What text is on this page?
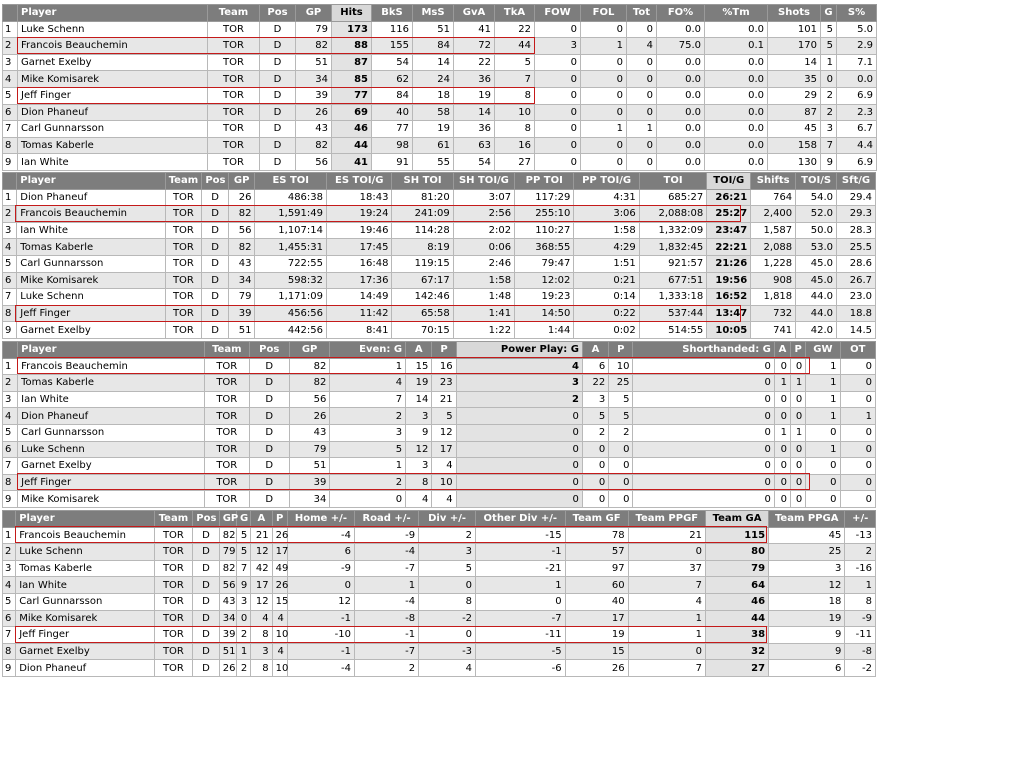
	Player	Team	Pos	GP	Hits	BkS	MsS	GvA	TkA	FOW	FOL	Tot	FO%	%Tm	Shots	G	S%
1	Luke Schenn	TOR	D	79	173	116	51	41	22	0	0	0	0.0	0.0	101	5	5.0
2	Francois Beauchemin	TOR	D	82	88	155	84	72	44	3	1	4	75.0	0.1	170	5	2.9
3	Garnet Exelby	TOR	D	51	87	54	14	22	5	0	0	0	0.0	0.0	14	1	7.1
4	Mike Komisarek	TOR	D	34	85	62	24	36	7	0	0	0	0.0	0.0	35	0	0.0
5	Jeff Finger	TOR	D	39	77	84	18	19	8	0	0	0	0.0	0.0	29	2	6.9
6	Dion Phaneuf	TOR	D	26	69	40	58	14	10	0	0	0	0.0	0.0	87	2	2.3
7	Carl Gunnarsson	TOR	D	43	46	77	19	36	8	0	1	1	0.0	0.0	45	3	6.7
8	Tomas Kaberle	TOR	D	82	44	98	61	63	16	0	0	0	0.0	0.0	158	7	4.4
9	Ian White	TOR	D	56	41	91	55	54	27	0	0	0	0.0	0.0	130	9	6.9
	Player	Team	Pos	GP	ES TOI	ES TOI/G	SH TOI	SH TOI/G	PP TOI	PP TOI/G	TOI	TOI/G	Shifts	TOI/S	Sft/G
1	Dion Phaneuf	TOR	D	26	486:38	18:43	81:20	3:07	117:29	4:31	685:27	26:21	764	54.0	29.4
2	Francois Beauchemin	TOR	D	82	1,591:49	19:24	241:09	2:56	255:10	3:06	2,088:08	25:27	2,400	52.0	29.3
3	Ian White	TOR	D	56	1,107:14	19:46	114:28	2:02	110:27	1:58	1,332:09	23:47	1,587	50.0	28.3
4	Tomas Kaberle	TOR	D	82	1,455:31	17:45	8:19	0:06	368:55	4:29	1,832:45	22:21	2,088	53.0	25.5
5	Carl Gunnarsson	TOR	D	43	722:55	16:48	119:15	2:46	79:47	1:51	921:57	21:26	1,228	45.0	28.6
6	Mike Komisarek	TOR	D	34	598:32	17:36	67:17	1:58	12:02	0:21	677:51	19:56	908	45.0	26.7
7	Luke Schenn	TOR	D	79	1,171:09	14:49	142:46	1:48	19:23	0:14	1,333:18	16:52	1,818	44.0	23.0
8	Jeff Finger	TOR	D	39	456:56	11:42	65:58	1:41	14:50	0:22	537:44	13:47	732	44.0	18.8
9	Garnet Exelby	TOR	D	51	442:56	8:41	70:15	1:22	1:44	0:02	514:55	10:05	741	42.0	14.5
	Player	Team	Pos	GP	Even: G	A	P	Power Play: G	A	P	Shorthanded: G	A	P	GW	OT
1	Francois Beauchemin	TOR	D	82	1	15	16	4	6	10	0	0	0	1	0
2	Tomas Kaberle	TOR	D	82	4	19	23	3	22	25	0	1	1	1	0
3	Ian White	TOR	D	56	7	14	21	2	3	5	0	0	0	1	0
4	Dion Phaneuf	TOR	D	26	2	3	5	0	5	5	0	0	0	1	1
5	Carl Gunnarsson	TOR	D	43	3	9	12	0	2	2	0	1	1	0	0
6	Luke Schenn	TOR	D	79	5	12	17	0	0	0	0	0	0	1	0
7	Garnet Exelby	TOR	D	51	1	3	4	0	0	0	0	0	0	0	0
8	Jeff Finger	TOR	D	39	2	8	10	0	0	0	0	0	0	0	0
9	Mike Komisarek	TOR	D	34	0	4	4	0	0	0	0	0	0	0	0
	Player	Team	Pos	GP	G	A	P	Home +/-	Road +/-	Div +/-	Other Div +/-	Team GF	Team PPGF	Team GA	Team PPGA	+/-
1	Francois Beauchemin	TOR	D	82	5	21	26	-4	-9	2	-15	78	21	115	45	-13
2	Luke Schenn	TOR	D	79	5	12	17	6	-4	3	-1	57	0	80	25	2
3	Tomas Kaberle	TOR	D	82	7	42	49	-9	-7	5	-21	97	37	79	3	-16
4	Ian White	TOR	D	56	9	17	26	0	1	0	1	60	7	64	12	1
5	Carl Gunnarsson	TOR	D	43	3	12	15	12	-4	8	0	40	4	46	18	8
6	Mike Komisarek	TOR	D	34	0	4	4	-1	-8	-2	-7	17	1	44	19	-9
7	Jeff Finger	TOR	D	39	2	8	10	-10	-1	0	-11	19	1	38	9	-11
8	Garnet Exelby	TOR	D	51	1	3	4	-1	-7	-3	-5	15	0	32	9	-8
9	Dion Phaneuf	TOR	D	26	2	8	10	-4	2	4	-6	26	7	27	6	-2
